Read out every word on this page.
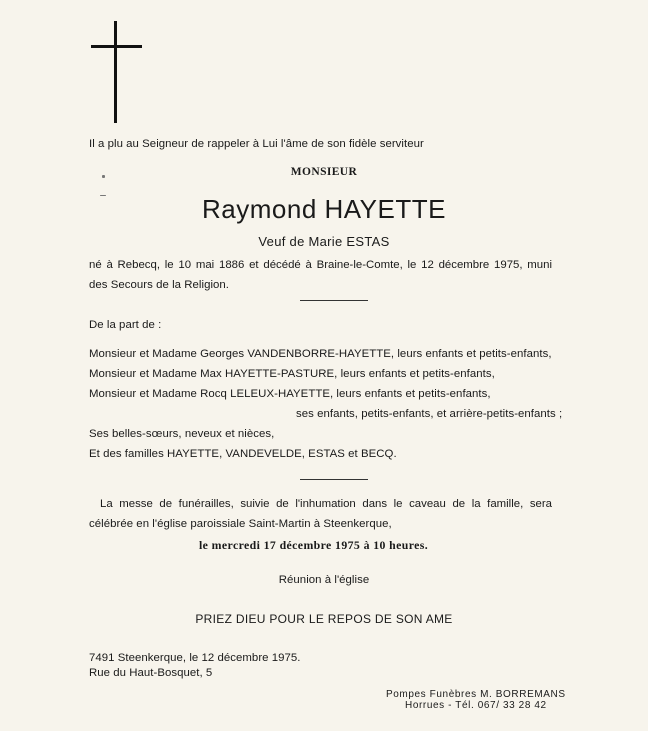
Il a plu au Seigneur de rappeler à Lui l'âme de son fidèle serviteur
MONSIEUR
Raymond HAYETTE
Veuf de Marie ESTAS
né à Rebecq, le 10 mai 1886 et décédé à Braine-le-Comte, le 12 décembre 1975, muni
des Secours de la Religion.
De la part de :
Monsieur et Madame Georges VANDENBORRE-HAYETTE, leurs enfants et petits-enfants,
Monsieur et Madame Max HAYETTE-PASTURE, leurs enfants et petits-enfants,
Monsieur et Madame Rocq LELEUX-HAYETTE, leurs enfants et petits-enfants,
ses enfants, petits-enfants, et arrière-petits-enfants ;
Ses belles-sœurs, neveux et nièces,
Et des familles HAYETTE, VANDEVELDE, ESTAS et BECQ.
La messe de funérailles, suivie de l'inhumation dans le caveau de la famille, sera
célébrée en l'église paroissiale Saint-Martin à Steenkerque,
le mercredi 17 décembre 1975 à 10 heures.
Réunion à l'église
PRIEZ DIEU POUR LE REPOS DE SON AME
7491 Steenkerque, le 12 décembre 1975.
Rue du Haut-Bosquet, 5
Pompes Funèbres M. BORREMANS
Horrues - Tél. 067/ 33 28 42
